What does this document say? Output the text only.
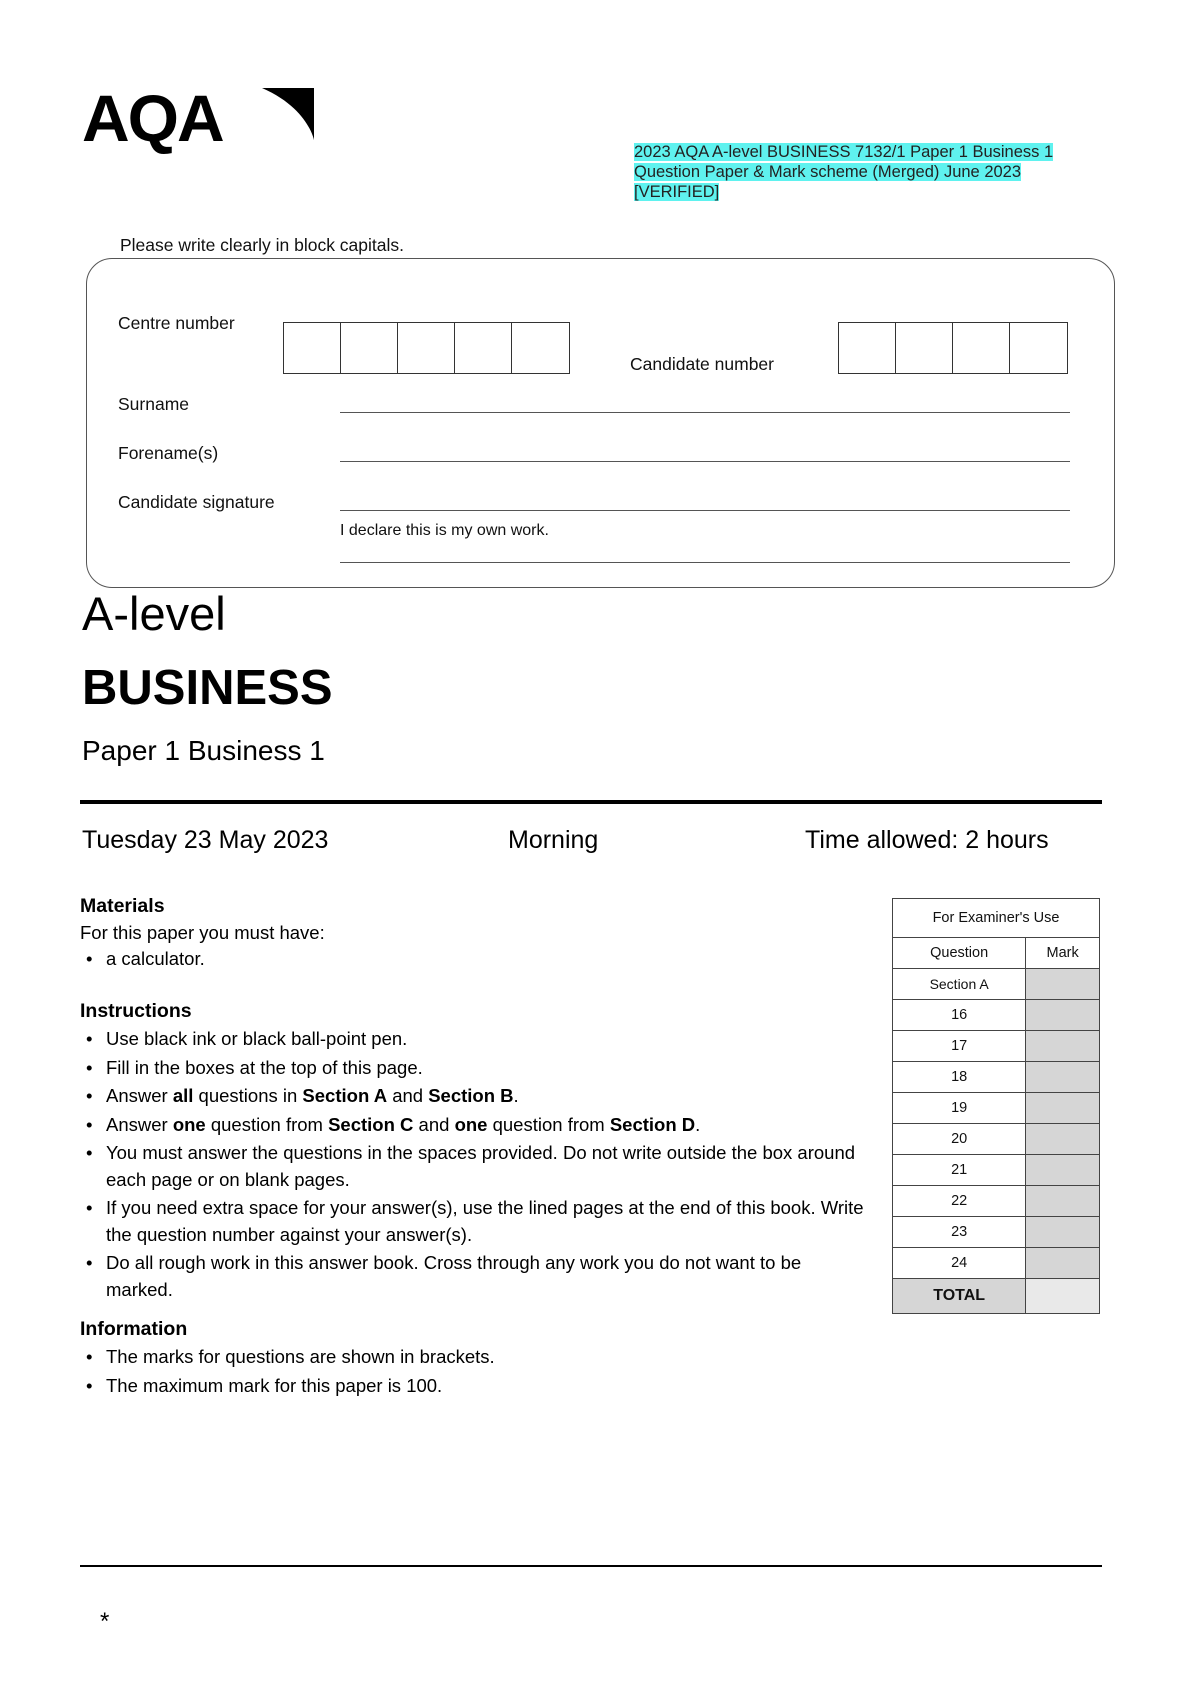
AQA	2023 AQA A-level BUSINESS 7132/1 Paper 1 Business 1 Question Paper & Mark scheme (Merged) June 2023 [VERIFIED]
Please write clearly in block capitals.
Centre number
Candidate number
Surname
Forename(s)
Candidate signature
I declare this is my own work.
A-level
BUSINESS
Paper 1 Business 1
Tuesday 23 May 2023	Morning	Time allowed: 2 hours
Materials
For this paper you must have:
• a calculator.
Instructions
• Use black ink or black ball-point pen.
• Fill in the boxes at the top of this page.
• Answer all questions in Section A and Section B.
• Answer one question from Section C and one question from Section D.
• You must answer the questions in the spaces provided. Do not write outside the box around each page or on blank pages.
• If you need extra space for your answer(s), use the lined pages at the end of this book. Write the question number against your answer(s).
• Do all rough work in this answer book. Cross through any work you do not want to be marked.
Information
• The marks for questions are shown in brackets.
• The maximum mark for this paper is 100.
For Examiner's Use	
Question	Mark
Section A	
16	
17	
18	
19	
20	
21	
22	
23	
24	
TOTAL	
*
